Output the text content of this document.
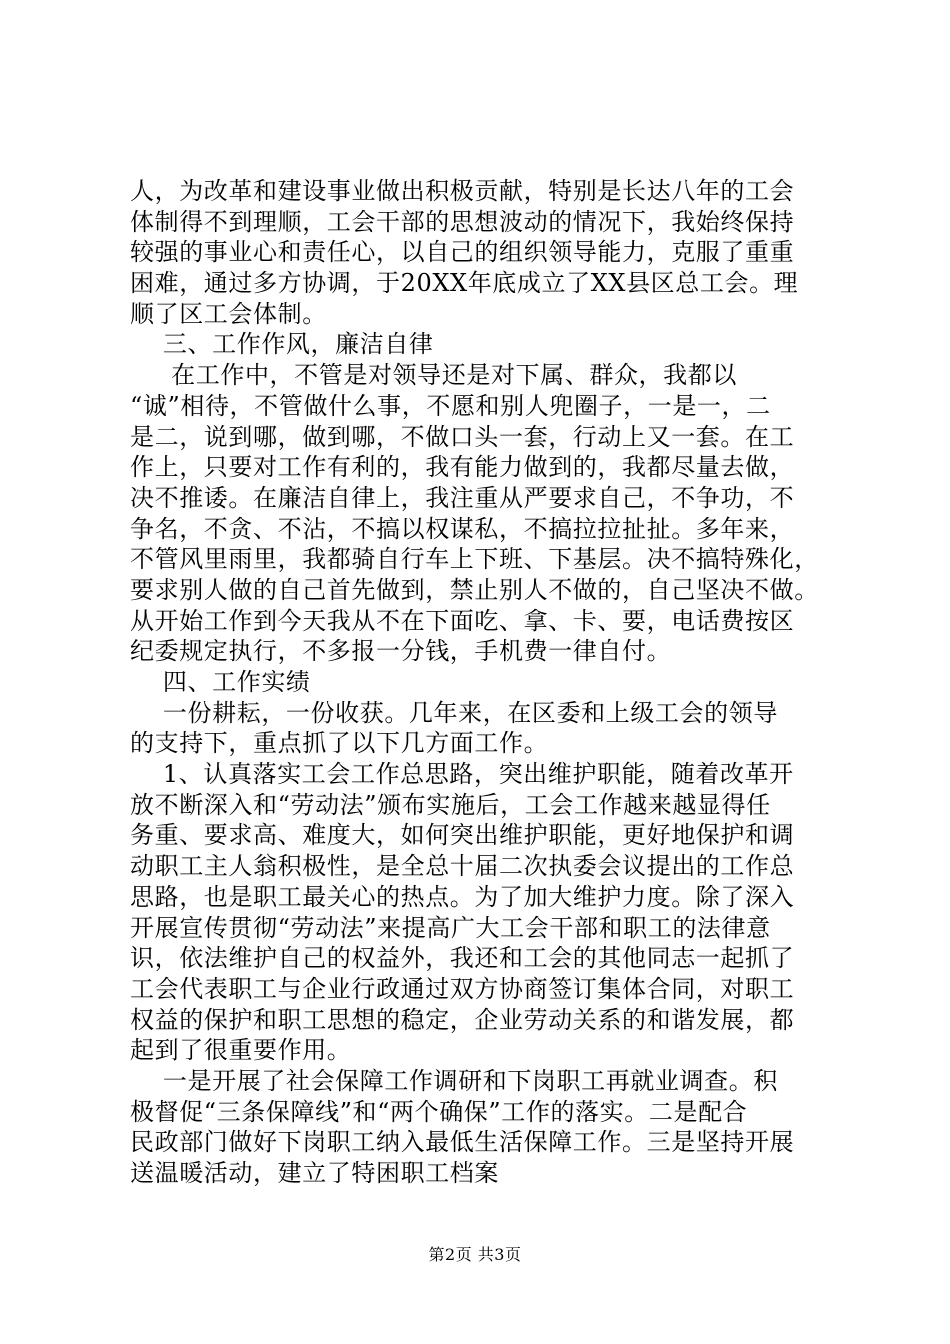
人，为改革和建设事业做出积极贡献，特别是长达八年的工会
体制得不到理顺，工会干部的思想波动的情况下，我始终保持
较强的事业心和责任心，以自己的组织领导能力，克服了重重
困难，通过多方协调，于20XX年底成立了XX县区总工会。理
顺了区工会体制。
三、工作作风，廉洁自律
在工作中，不管是对领导还是对下属、群众，我都以
“诚”相待，不管做什么事，不愿和别人兜圈子，一是一，二
是二，说到哪，做到哪，不做口头一套，行动上又一套。在工
作上，只要对工作有利的，我有能力做到的，我都尽量去做，
决不推诿。在廉洁自律上，我注重从严要求自己，不争功，不
争名，不贪、不沾，不搞以权谋私，不搞拉拉扯扯。多年来，
不管风里雨里，我都骑自行车上下班、下基层。决不搞特殊化，
要求别人做的自己首先做到，禁止别人不做的，自己坚决不做。
从开始工作到今天我从不在下面吃、拿、卡、要，电话费按区
纪委规定执行，不多报一分钱，手机费一律自付。
四、工作实绩
一份耕耘，一份收获。几年来，在区委和上级工会的领导
的支持下，重点抓了以下几方面工作。
1、认真落实工会工作总思路，突出维护职能，随着改革开
放不断深入和“劳动法”颁布实施后，工会工作越来越显得任
务重、要求高、难度大，如何突出维护职能，更好地保护和调
动职工主人翁积极性，是全总十届二次执委会议提出的工作总
思路，也是职工最关心的热点。为了加大维护力度。除了深入
开展宣传贯彻“劳动法”来提高广大工会干部和职工的法律意
识，依法维护自己的权益外，我还和工会的其他同志一起抓了
工会代表职工与企业行政通过双方协商签订集体合同，对职工
权益的保护和职工思想的稳定，企业劳动关系的和谐发展，都
起到了很重要作用。
一是开展了社会保障工作调研和下岗职工再就业调查。积
极督促“三条保障线”和“两个确保”工作的落实。二是配合
民政部门做好下岗职工纳入最低生活保障工作。三是坚持开展
送温暖活动，建立了特困职工档案
第2页 共3页
